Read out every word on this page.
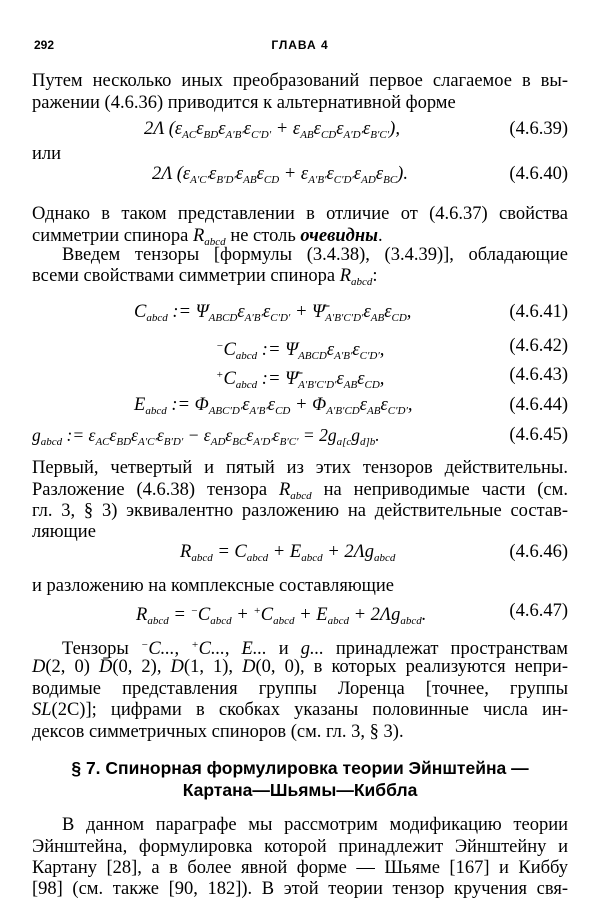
292	ГЛАВА 4
Путем несколько иных преобразований первое слагаемое в вы-
ражении (4.6.36) приводится к альтернативной форме
2Λ $(\varepsilon_{AC}\varepsilon_{BD}\varepsilon_{A'B'}\varepsilon_{C'D'} + \varepsilon_{AB}\varepsilon_{CD}\varepsilon_{A'D'}\varepsilon_{B'C'})$,	(4.6.39)
или
2Λ $(\varepsilon_{A'C'}\varepsilon_{B'D'}\varepsilon_{AB}\varepsilon_{CD} + \varepsilon_{A'B'}\varepsilon_{C'D'}\varepsilon_{AD}\varepsilon_{BC})$.	(4.6.40)
Однако в таком представлении в отличие от (4.6.37) свойства
симметрии спинора $R_{abcd}$ не столь очевидны.
Введем тензоры [формулы (3.4.38), (3.4.39)], обладающие
всеми свойствами симметрии спинора $R_{abcd}$:
$C_{abcd}$ := $\Psi_{ABCD}\varepsilon_{A'B'}\varepsilon_{C'D'}$ + $\Psī_{A'B'C'D'}\varepsilon_{AB}\varepsilon_{CD}$,	(4.6.41)
$^-C_{abcd}$ := $\Psi_{ABCD}\varepsilon_{A'B'}\varepsilon_{C'D'}$,	(4.6.42)
$^+C_{abcd}$ := $\Psī_{A'B'C'D'}\varepsilon_{AB}\varepsilon_{CD}$,	(4.6.43)
$E_{abcd}$ := $\Phi_{ABC'D'}\varepsilon_{A'B'}\varepsilon_{CD} + \Phi_{A'B'CD}\varepsilon_{AB}\varepsilon_{C'D'}$,	(4.6.44)
$g_{abcd}$ := $\varepsilon_{AC}\varepsilon_{BD}\varepsilon_{A'C'}\varepsilon_{B'D'} - \varepsilon_{AD}\varepsilon_{BC}\varepsilon_{A'D'}\varepsilon_{B'C'} = 2g_{a[c}g_{d]b}$.	(4.6.45)
Первый, четвертый и пятый из этих тензоров действительны.
Разложение (4.6.38) тензора $R_{abcd}$ на неприводимые части (см.
гл. 3, § 3) эквивалентно разложению на действительные состав-
ляющие
$R_{abcd} = C_{abcd} + E_{abcd} + 2\Lambda g_{abcd}$	(4.6.46)
и разложению на комплексные составляющие
$R_{abcd} = ^-C_{abcd} + ^+C_{abcd} + E_{abcd} + 2\Lambda g_{abcd}$.	(4.6.47)
Тензоры −C..., +C..., E... и g... принадлежат пространствам
D(2, 0) D̄(0, 2), D(1, 1), D(0, 0), в которых реализуются непри-
водимые представления группы Лоренца [точнее, группы
SL(2C)]; цифрами в скобках указаны половинные числа ин-
дексов симметричных спиноров (см. гл. 3, § 3).
§ 7. Спинорная формулировка теории Эйнштейна —
Картана—Шьямы—Киббла
В данном параграфе мы рассмотрим модификацию теории
Эйнштейна, формулировка которой принадлежит Эйнштейну и
Картану [28], а в более явной форме — Шьяме [167] и Киббу
[98] (см. также [90, 182]). В этой теории тензор кручения свя-
